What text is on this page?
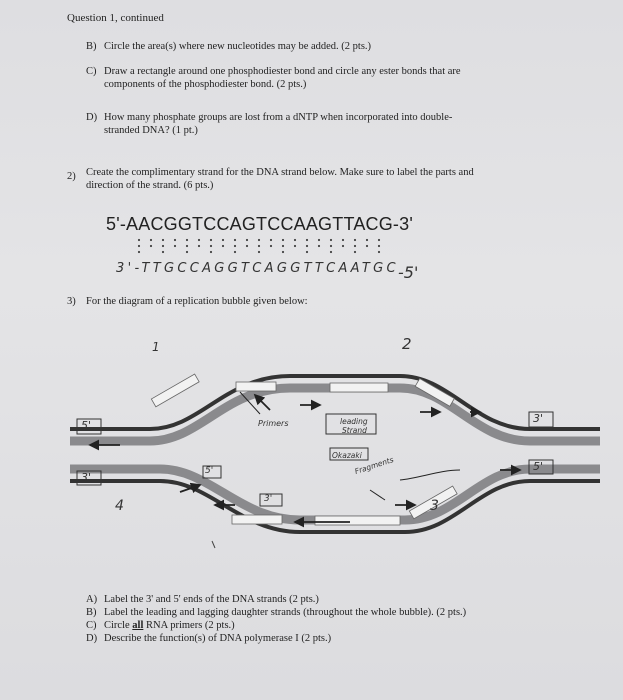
Question 1, continued
B) Circle the area(s) where new nucleotides may be added. (2 pts.)
C) Draw a rectangle around one phosphodiester bond and circle any ester bonds that are
components of the phosphodiester bond. (2 pts.)
D) How many phosphate groups are lost from a dNTP when incorporated into double-
stranded DNA? (1 pt.)
2) Create the complimentary strand for the DNA strand below. Make sure to label the parts and
direction of the strand. (6 pts.)
5'-AACGGTCCAGTCCAAGTTACG-3'
3'-TTGCCAGGTCAGGTTCAATGC -5'
3) For the diagram of a replication bubble given below:
1	2
3
4
5'
3'
3'
5'
5'
3'
Primers	leading
Strand
Okazaki
Fragments
A) Label the 3' and 5' ends of the DNA strands (2 pts.)
B) Label the leading and lagging daughter strands (throughout the whole bubble). (2 pts.)
C) Circle all RNA primers (2 pts.)
D) Describe the function(s) of DNA polymerase I (2 pts.)
